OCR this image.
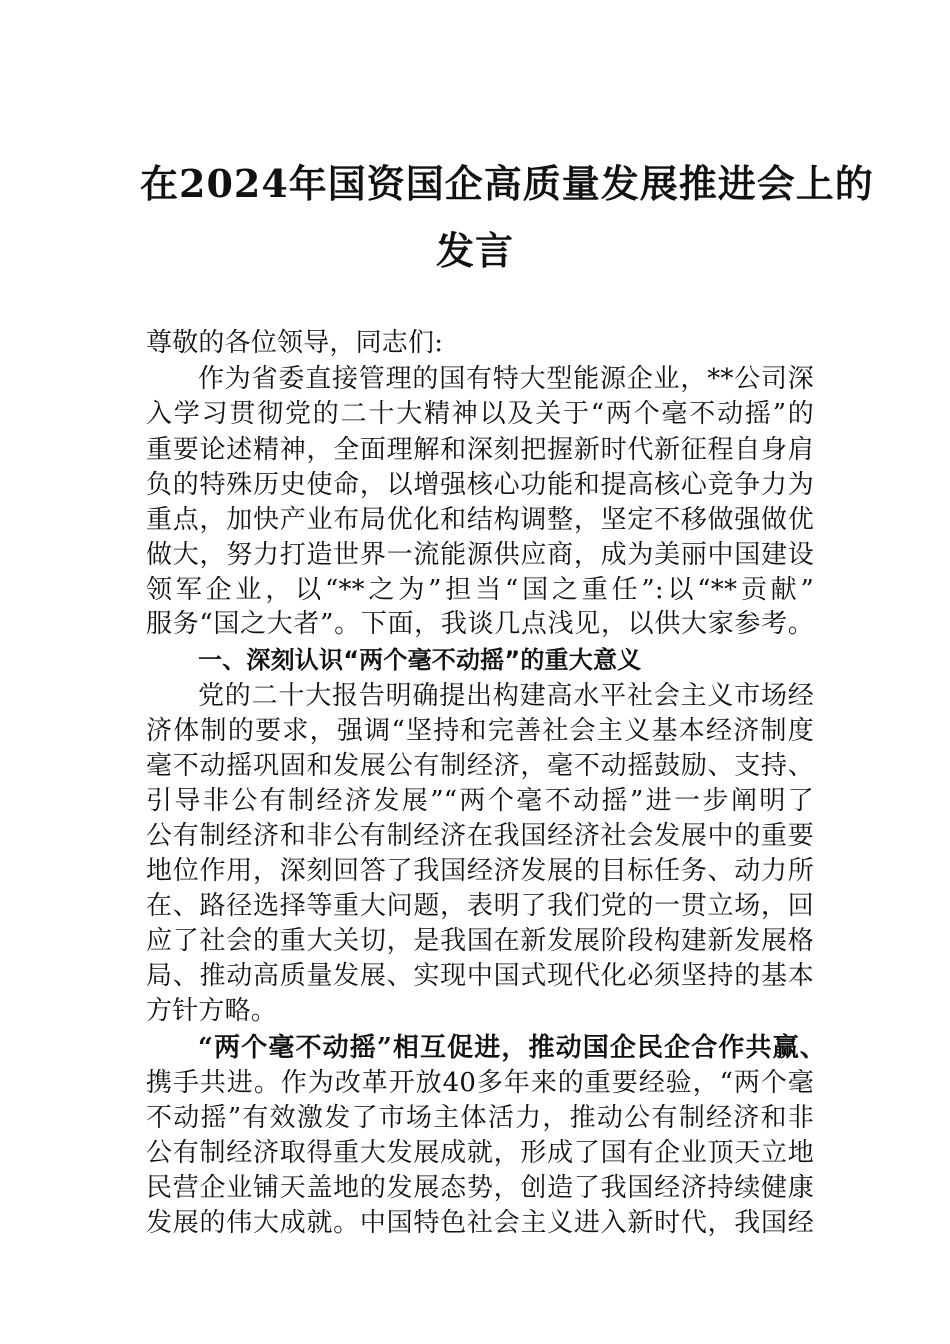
在2024年国资国企高质量发展推进会上的
发言
尊敬的各位领导，同志们:
作为省委直接管理的国有特大型能源企业，**公司深
入学习贯彻党的二十大精神以及关于“两个毫不动摇”的
重要论述精神，全面理解和深刻把握新时代新征程自身肩
负的特殊历史使命，以增强核心功能和提高核心竞争力为
重点，加快产业布局优化和结构调整，坚定不移做强做优
做大，努力打造世界一流能源供应商，成为美丽中国建设
领军企业，以“**之为”担当“国之重任”:以“**贡献”
服务“国之大者”。下面，我谈几点浅见，以供大家参考。
一、深刻认识“两个毫不动摇”的重大意义
党的二十大报告明确提出构建高水平社会主义市场经
济体制的要求，强调“坚持和完善社会主义基本经济制度
毫不动摇巩固和发展公有制经济，毫不动摇鼓励、支持、
引导非公有制经济发展”“两个毫不动摇”进一步阐明了
公有制经济和非公有制经济在我国经济社会发展中的重要
地位作用，深刻回答了我国经济发展的目标任务、动力所
在、路径选择等重大问题，表明了我们党的一贯立场，回
应了社会的重大关切，是我国在新发展阶段构建新发展格
局、推动高质量发展、实现中国式现代化必须坚持的基本
方针方略。
“两个毫不动摇”相互促进，推动国企民企合作共赢、
携手共进。作为改革开放40多年来的重要经验，“两个毫
不动摇”有效激发了市场主体活力，推动公有制经济和非
公有制经济取得重大发展成就，形成了国有企业顶天立地
民营企业铺天盖地的发展态势，创造了我国经济持续健康
发展的伟大成就。中国特色社会主义进入新时代，我国经
